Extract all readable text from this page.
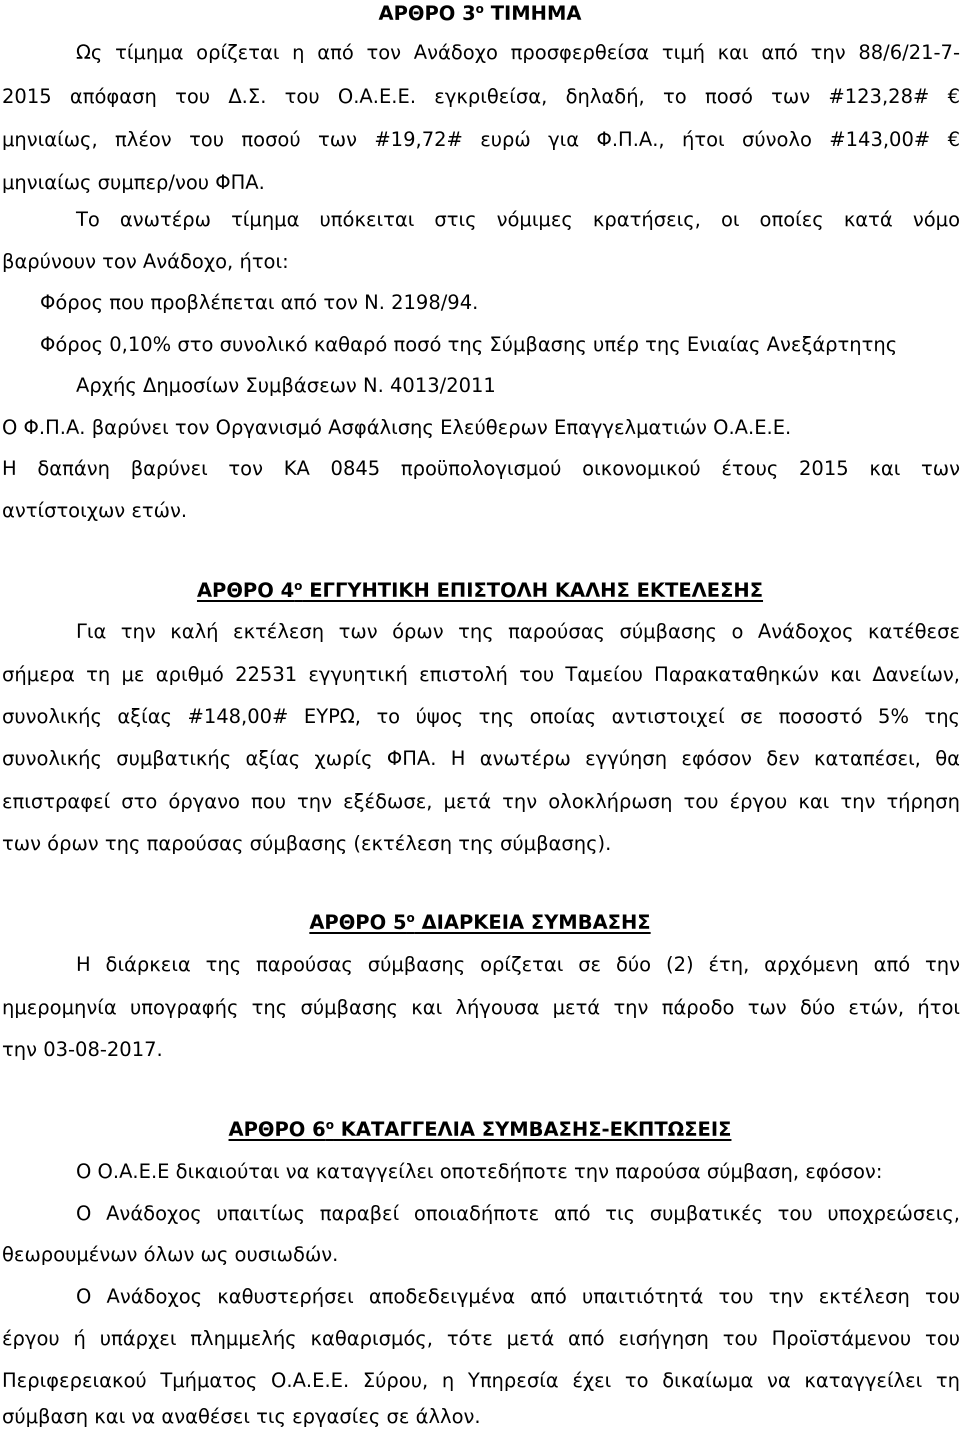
ΑΡΘΡΟ $3^o$ ΤΙΜΗΜΑ
Ως τίμημα ορίζεται η από τον Ανάδοχο προσφερθείσα τιμή και από την 88/6/21-7-
2015 απόφαση του Δ.Σ. του Ο.Α.Ε.Ε. εγκριθείσα, δηλαδή, το ποσό των #123,28# €
μηνιαίως, πλέον του ποσού των #19,72# ευρώ για Φ.Π.Α., ήτοι σύνολο #143,00# €
μηνιαίως συμπερ/νου ΦΠΑ.
Το ανωτέρω τίμημα υπόκειται στις νόμιμες κρατήσεις, οι οποίες κατά νόμο
βαρύνουν τον Ανάδοχο, ήτοι:
Φόρος που προβλέπεται από τον Ν. 2198/94.
Φόρος 0,10% στο συνολικό καθαρό ποσό της Σύμβασης υπέρ της Ενιαίας Ανεξάρτητης
Αρχής Δημοσίων Συμβάσεων Ν. 4013/2011
Ο Φ.Π.Α. βαρύνει τον Οργανισμό Ασφάλισης Ελεύθερων Επαγγελματιών Ο.Α.Ε.Ε.
Η δαπάνη βαρύνει τον ΚΑ 0845 προϋπολογισμού οικονομικού έτους 2015 και των
αντίστοιχων ετών.
ΑΡΘΡΟ $4^o$ ΕΓΓΥΗΤΙΚΗ ΕΠΙΣΤΟΛΗ ΚΑΛΗΣ ΕΚΤΕΛΕΣΗΣ
Για την καλή εκτέλεση των όρων της παρούσας σύμβασης ο Ανάδοχος κατέθεσε
σήμερα τη με αριθμό 22531 εγγυητική επιστολή του Ταμείου Παρακαταθηκών και Δανείων,
συνολικής αξίας #148,00# ΕΥΡΩ, το ύψος της οποίας αντιστοιχεί σε ποσοστό 5% της
συνολικής συμβατικής αξίας χωρίς ΦΠΑ. Η ανωτέρω εγγύηση εφόσον δεν καταπέσει, θα
επιστραφεί στο όργανο που την εξέδωσε, μετά την ολοκλήρωση του έργου και την τήρηση
των όρων της παρούσας σύμβασης (εκτέλεση της σύμβασης).
ΑΡΘΡΟ $5^o$ ΔΙΑΡΚΕΙΑ ΣΥΜΒΑΣΗΣ
Η διάρκεια της παρούσας σύμβασης ορίζεται σε δύο (2) έτη, αρχόμενη από την
ημερομηνία υπογραφής της σύμβασης και λήγουσα μετά την πάροδο των δύο ετών, ήτοι
την 03-08-2017.
ΑΡΘΡΟ $6^o$ ΚΑΤΑΓΓΕΛΙΑ ΣΥΜΒΑΣΗΣ-ΕΚΠΤΩΣΕΙΣ
Ο Ο.Α.Ε.Ε δικαιούται να καταγγείλει οποτεδήποτε την παρούσα σύμβαση, εφόσον:
Ο Ανάδοχος υπαιτίως παραβεί οποιαδήποτε από τις συμβατικές του υποχρεώσεις,
θεωρουμένων όλων ως ουσιωδών.
Ο Ανάδοχος καθυστερήσει αποδεδειγμένα από υπαιτιότητά του την εκτέλεση του
έργου ή υπάρχει πλημμελής καθαρισμός, τότε μετά από εισήγηση του Προϊστάμενου του
Περιφερειακού Τμήματος Ο.Α.Ε.Ε. Σύρου, η Υπηρεσία έχει το δικαίωμα να καταγγείλει τη
σύμβαση και να αναθέσει τις εργασίες σε άλλον.
